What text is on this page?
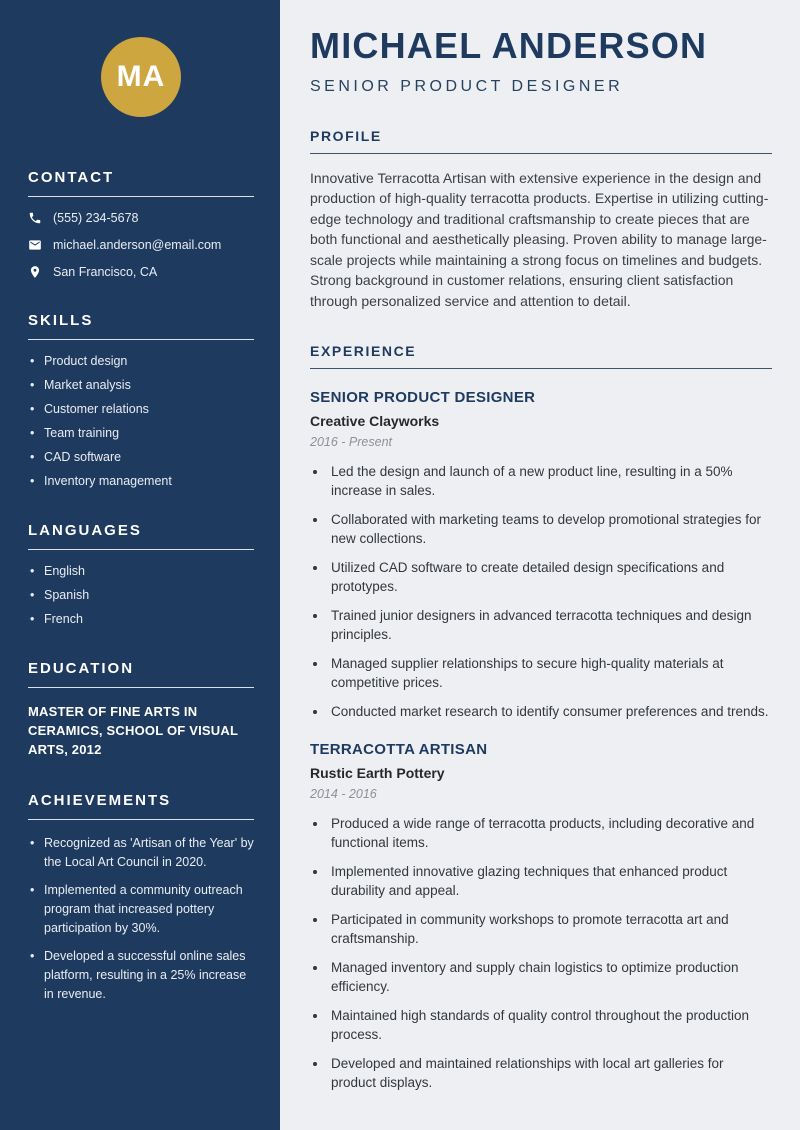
MA
CONTACT
(555) 234-5678
michael.anderson@email.com
San Francisco, CA
SKILLS
• Product design
• Market analysis
• Customer relations
• Team training
• CAD software
• Inventory management
LANGUAGES
• English
• Spanish
• French
EDUCATION
MASTER OF FINE ARTS IN CERAMICS, SCHOOL OF VISUAL ARTS, 2012
ACHIEVEMENTS
• Recognized as 'Artisan of the Year' by the Local Art Council in 2020.
• Implemented a community outreach program that increased pottery participation by 30%.
• Developed a successful online sales platform, resulting in a 25% increase in revenue.
MICHAEL ANDERSON
SENIOR PRODUCT DESIGNER
PROFILE

Innovative Terracotta Artisan with extensive experience in the design and production of high-quality terracotta products. Expertise in utilizing cutting-edge technology and traditional craftsmanship to create pieces that are both functional and aesthetically pleasing. Proven ability to manage large-scale projects while maintaining a strong focus on timelines and budgets. Strong background in customer relations, ensuring client satisfaction through personalized service and attention to detail.

EXPERIENCE
SENIOR PRODUCT DESIGNER
Creative Clayworks
2016 - Present
• Led the design and launch of a new product line, resulting in a 50% increase in sales.
• Collaborated with marketing teams to develop promotional strategies for new collections.
• Utilized CAD software to create detailed design specifications and prototypes.
• Trained junior designers in advanced terracotta techniques and design principles.
• Managed supplier relationships to secure high-quality materials at competitive prices.
• Conducted market research to identify consumer preferences and trends.
TERRACOTTA ARTISAN
Rustic Earth Pottery
2014 - 2016
• Produced a wide range of terracotta products, including decorative and functional items.
• Implemented innovative glazing techniques that enhanced product durability and appeal.
• Participated in community workshops to promote terracotta art and craftsmanship.
• Managed inventory and supply chain logistics to optimize production efficiency.
• Maintained high standards of quality control throughout the production process.
• Developed and maintained relationships with local art galleries for product displays.
